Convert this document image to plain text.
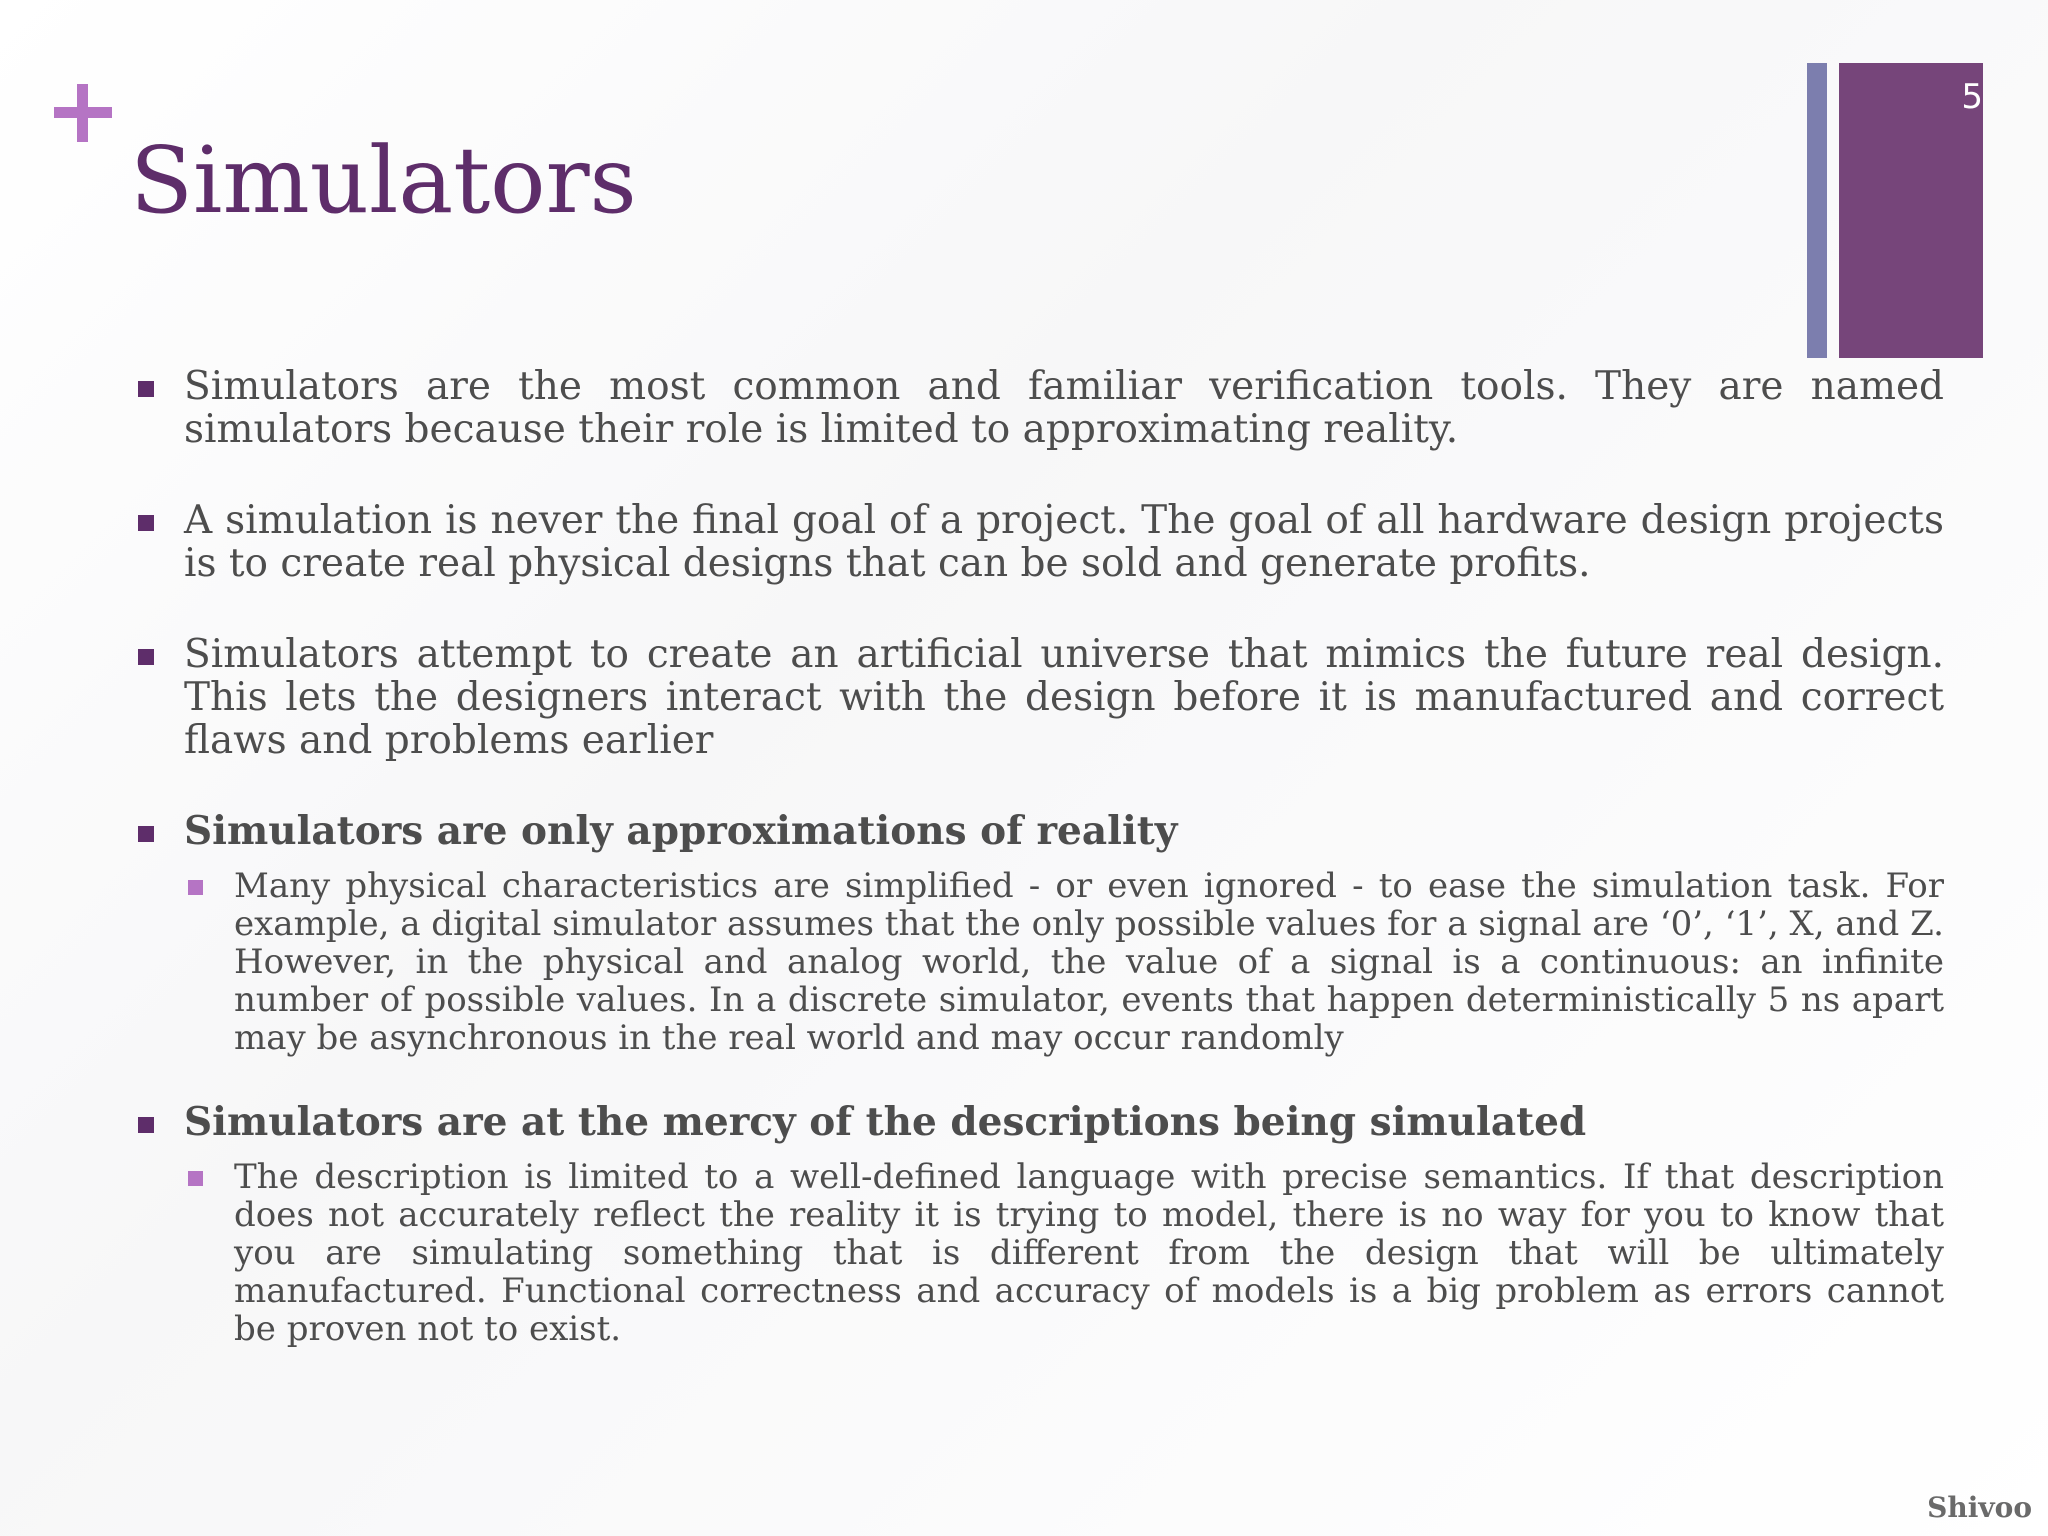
Simulators
5
Simulators are the most common and familiar verification tools. They are named simulators because their role is limited to approximating reality.
A simulation is never the final goal of a project. The goal of all hardware design projects is to create real physical designs that can be sold and generate profits.
Simulators attempt to create an artificial universe that mimics the future real design. This lets the designers interact with the design before it is manufactured and correct flaws and problems earlier
Simulators are only approximations of reality
Many physical characteristics are simplified - or even ignored - to ease the simulation task. For example, a digital simulator assumes that the only possible values for a signal are ‘0’, ‘1’, X, and Z. However, in the physical and analog world, the value of a signal is a continuous: an infinite number of possible values. In a discrete simulator, events that happen deterministically 5 ns apart may be asynchronous in the real world and may occur randomly
Simulators are at the mercy of the descriptions being simulated
The description is limited to a well-defined language with precise semantics. If that description does not accurately reflect the reality it is trying to model, there is no way for you to know that you are simulating something that is different from the design that will be ultimately manufactured. Functional correctness and accuracy of models is a big problem as errors cannot be proven not to exist.
Shivoo
